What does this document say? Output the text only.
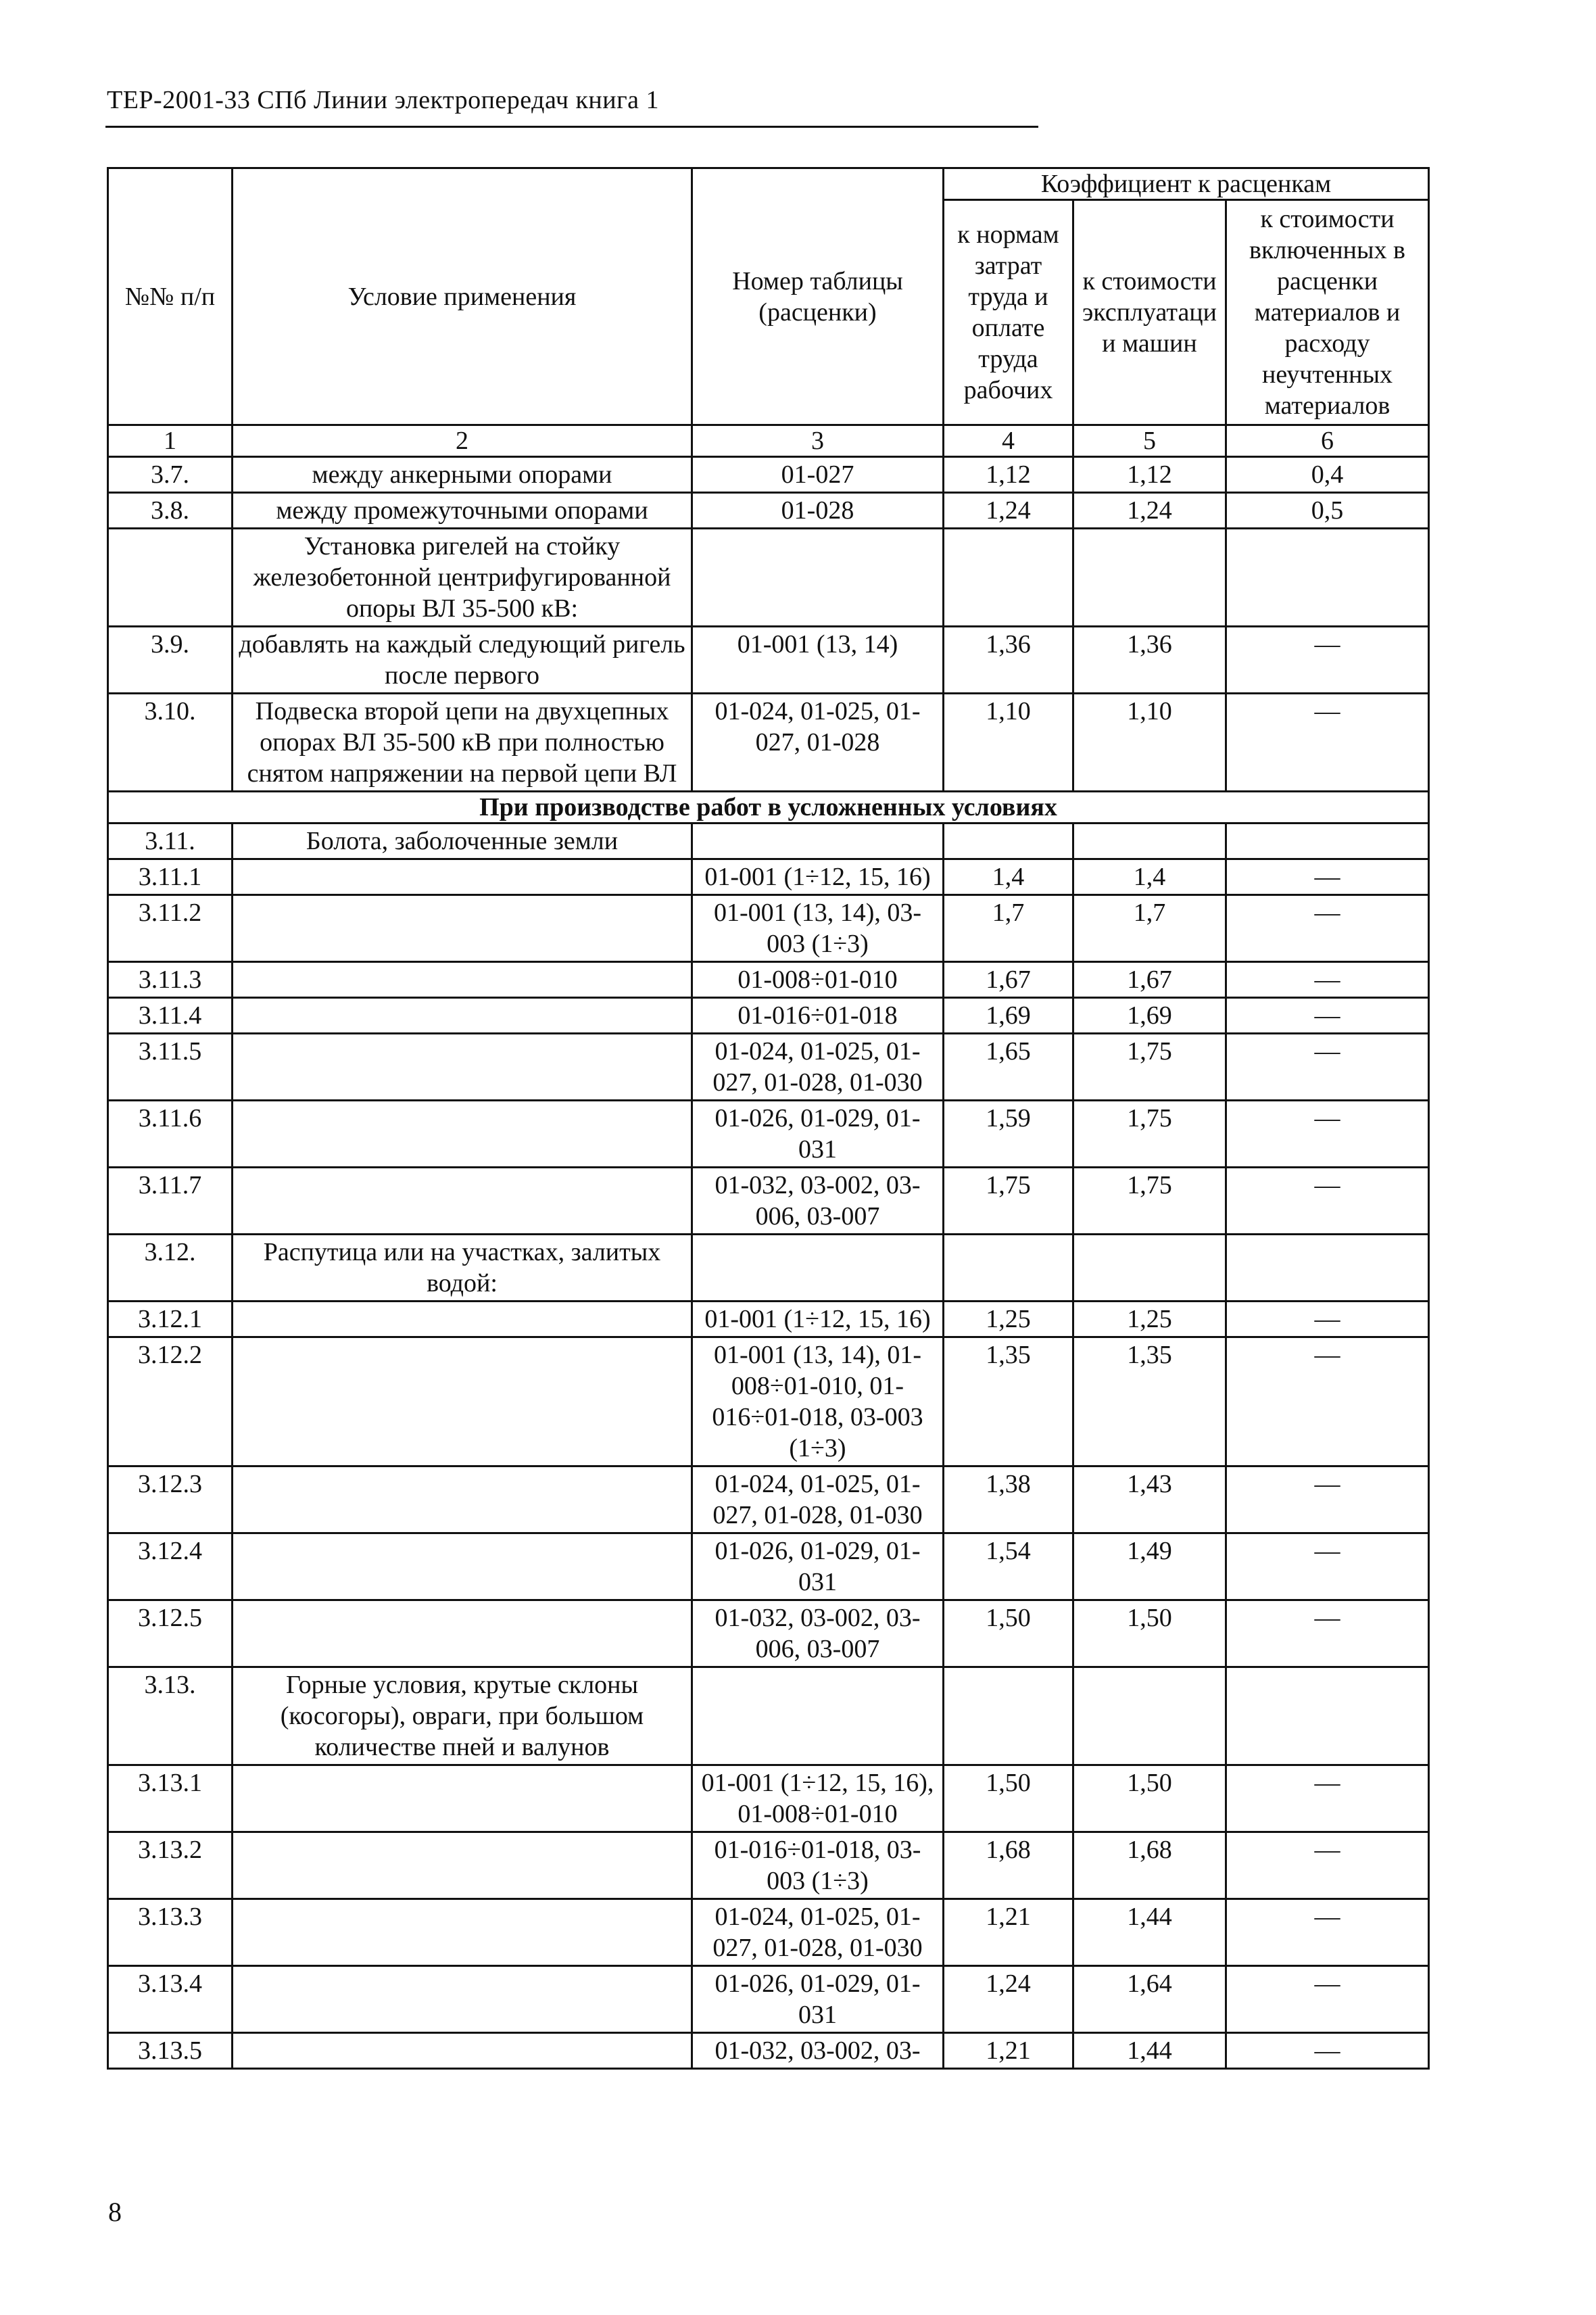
ТЕР-2001-33 СПб Линии электропередач книга 1
№№ п/п	Условие применения	Номер таблицы (расценки)	Коэффициент к расценкам		
			к нормам затрат труда и оплате труда рабочих	к стоимости эксплуатации машин	к стоимости включенных в расценки материалов и расходу неучтенных материалов
1	2	3	4	5	6
3.7.	между анкерными опорами	01-027	1,12	1,12	0,4
3.8.	между промежуточными опорами	01-028	1,24	1,24	0,5
	Установка ригелей на стойку железобетонной центрифугированной опоры ВЛ 35-500 кВ:				
3.9.	добавлять на каждый следующий ригель после первого	01-001 (13, 14)	1,36	1,36	—
3.10.	Подвеска второй цепи на двухцепных опорах ВЛ 35-500 кВ при полностью снятом напряжении на первой цепи ВЛ	01-024, 01-025, 01-027, 01-028	1,10	1,10	—
При производстве работ в усложненных условиях					
3.11.	Болота, заболоченные земли				
3.11.1		01-001 (1÷12, 15, 16)	1,4	1,4	—
3.11.2		01-001 (13, 14), 03-003 (1÷3)	1,7	1,7	—
3.11.3		01-008÷01-010	1,67	1,67	—
3.11.4		01-016÷01-018	1,69	1,69	—
3.11.5		01-024, 01-025, 01-027, 01-028, 01-030	1,65	1,75	—
3.11.6		01-026, 01-029, 01-031	1,59	1,75	—
3.11.7		01-032, 03-002, 03-006, 03-007	1,75	1,75	—
3.12.	Распутица или на участках, залитых водой:				
3.12.1		01-001 (1÷12, 15, 16)	1,25	1,25	—
3.12.2		01-001 (13, 14), 01-008÷01-010, 01-016÷01-018, 03-003 (1÷3)	1,35	1,35	—
3.12.3		01-024, 01-025, 01-027, 01-028, 01-030	1,38	1,43	—
3.12.4		01-026, 01-029, 01-031	1,54	1,49	—
3.12.5		01-032, 03-002, 03-006, 03-007	1,50	1,50	—
3.13.	Горные условия, крутые склоны (косогоры), овраги, при большом количестве пней и валунов				
3.13.1		01-001 (1÷12, 15, 16), 01-008÷01-010	1,50	1,50	—
3.13.2		01-016÷01-018, 03-003 (1÷3)	1,68	1,68	—
3.13.3		01-024, 01-025, 01-027, 01-028, 01-030	1,21	1,44	—
3.13.4		01-026, 01-029, 01-031	1,24	1,64	—
3.13.5		01-032, 03-002, 03-	1,21	1,44	—
8
